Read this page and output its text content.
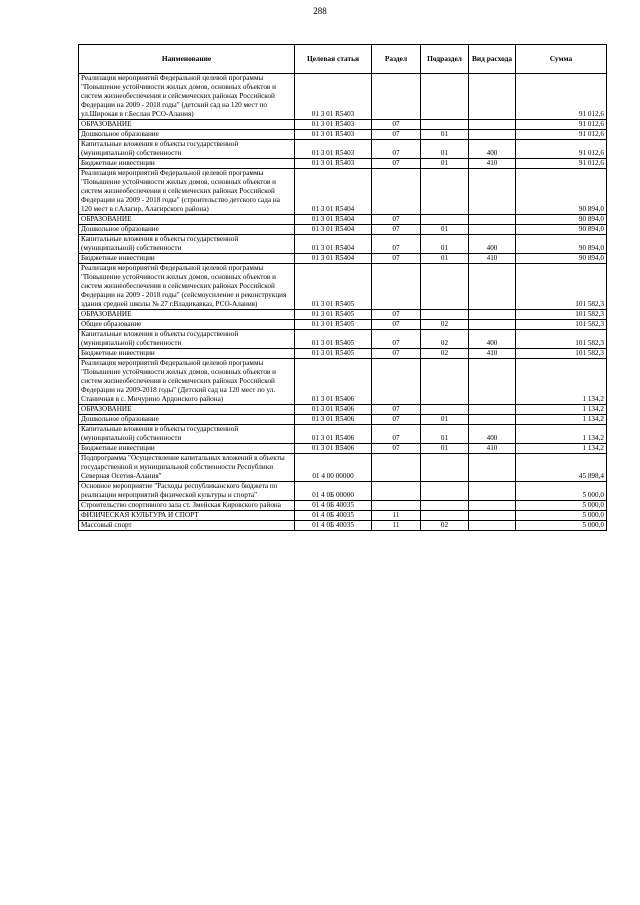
288
Наименование	Целевая статья	Раздел	Подраздел	Вид расхода	Сумма
Реализация мероприятий Федеральной целевой программы "Повышение устойчивости жилых домов, основных объектов и систем жизнеобеспечения в сейсмических районах Российской Федерации на 2009 - 2018 годы" (детский сад на 120 мест по ул.Широкая в г.Беслан РСО-Алания)	01 3 01 R5403				91 012,6
ОБРАЗОВАНИЕ	01 3 01 R5403	07			91 012,6
Дошкольное образование	01 3 01 R5403	07	01		91 012,6
Капитальные вложения в объекты государственной (муниципальной) собственности	01 3 01 R5403	07	01	400	91 012,6
Бюджетные инвестиции	01 3 01 R5403	07	01	410	91 012,6
Реализация мероприятий Федеральной целевой программы "Повышение устойчивости жилых домов, основных объектов и систем жизнеобеспечения в сейсмических районах Российской Федерации на 2009 - 2018 годы" (строительство детского сада на 120 мест в г.Алагир, Алагирского района)	01 3 01 R5404				90 894,0
ОБРАЗОВАНИЕ	01 3 01 R5404	07			90 894,0
Дошкольное образование	01 3 01 R5404	07	01		90 894,0
Капитальные вложения в объекты государственной (муниципальной) собственности	01 3 01 R5404	07	01	400	90 894,0
Бюджетные инвестиции	01 3 01 R5404	07	01	410	90 894,0
Реализация мероприятий Федеральной целевой программы "Повышение устойчивости жилых домов, основных объектов и систем жизнеобеспечения в сейсмических районах Российской Федерации на 2009 - 2018 годы" (сейсмоусиление и реконструкция здания средней школы № 27 г.Владикавказ, РСО-Алания)	01 3 01 R5405				101 582,3
ОБРАЗОВАНИЕ	01 3 01 R5405	07			101 582,3
Общее образование	01 3 01 R5405	07	02		101 582,3
Капитальные вложения в объекты государственной (муниципальной) собственности	01 3 01 R5405	07	02	400	101 582,3
Бюджетные инвестиции	01 3 01 R5405	07	02	410	101 582,3
Реализация мероприятий Федеральной целевой программы "Повышение устойчивости жилых домов, основных объектов и систем жизнеобеспечения в сейсмических районах Российской Федерации на 2009-2018 годы" (Детский сад на 120 мест по ул. Станичная в с. Мичурино Ардонского района)	01 3 01 R5406				1 134,2
ОБРАЗОВАНИЕ	01 3 01 R5406	07			1 134,2
Дошкольное образование	01 3 01 R5406	07	01		1 134,2
Капитальные вложения в объекты государственной (муниципальной) собственности	01 3 01 R5406	07	01	400	1 134,2
Бюджетные инвестиции	01 3 01 R5406	07	01	410	1 134,2
Подпрограмма "Осуществление капитальных вложений в объекты государственной и муниципальной собственности Республики Северная Осетия-Алания"	01 4 00 00000				45 898,4
Основное мероприятие "Расходы республиканского бюджета по реализации мероприятий физической культуры и спорта"	01 4 0Б 00000				5 000,0
Строительство спортивного зала ст. Змейская Кировского района	01 4 0Б 40035				5 000,0
ФИЗИЧЕСКАЯ КУЛЬТУРА И СПОРТ	01 4 0Б 40035	11			5 000,0
Массовый спорт	01 4 0Б 40035	11	02		5 000,0
